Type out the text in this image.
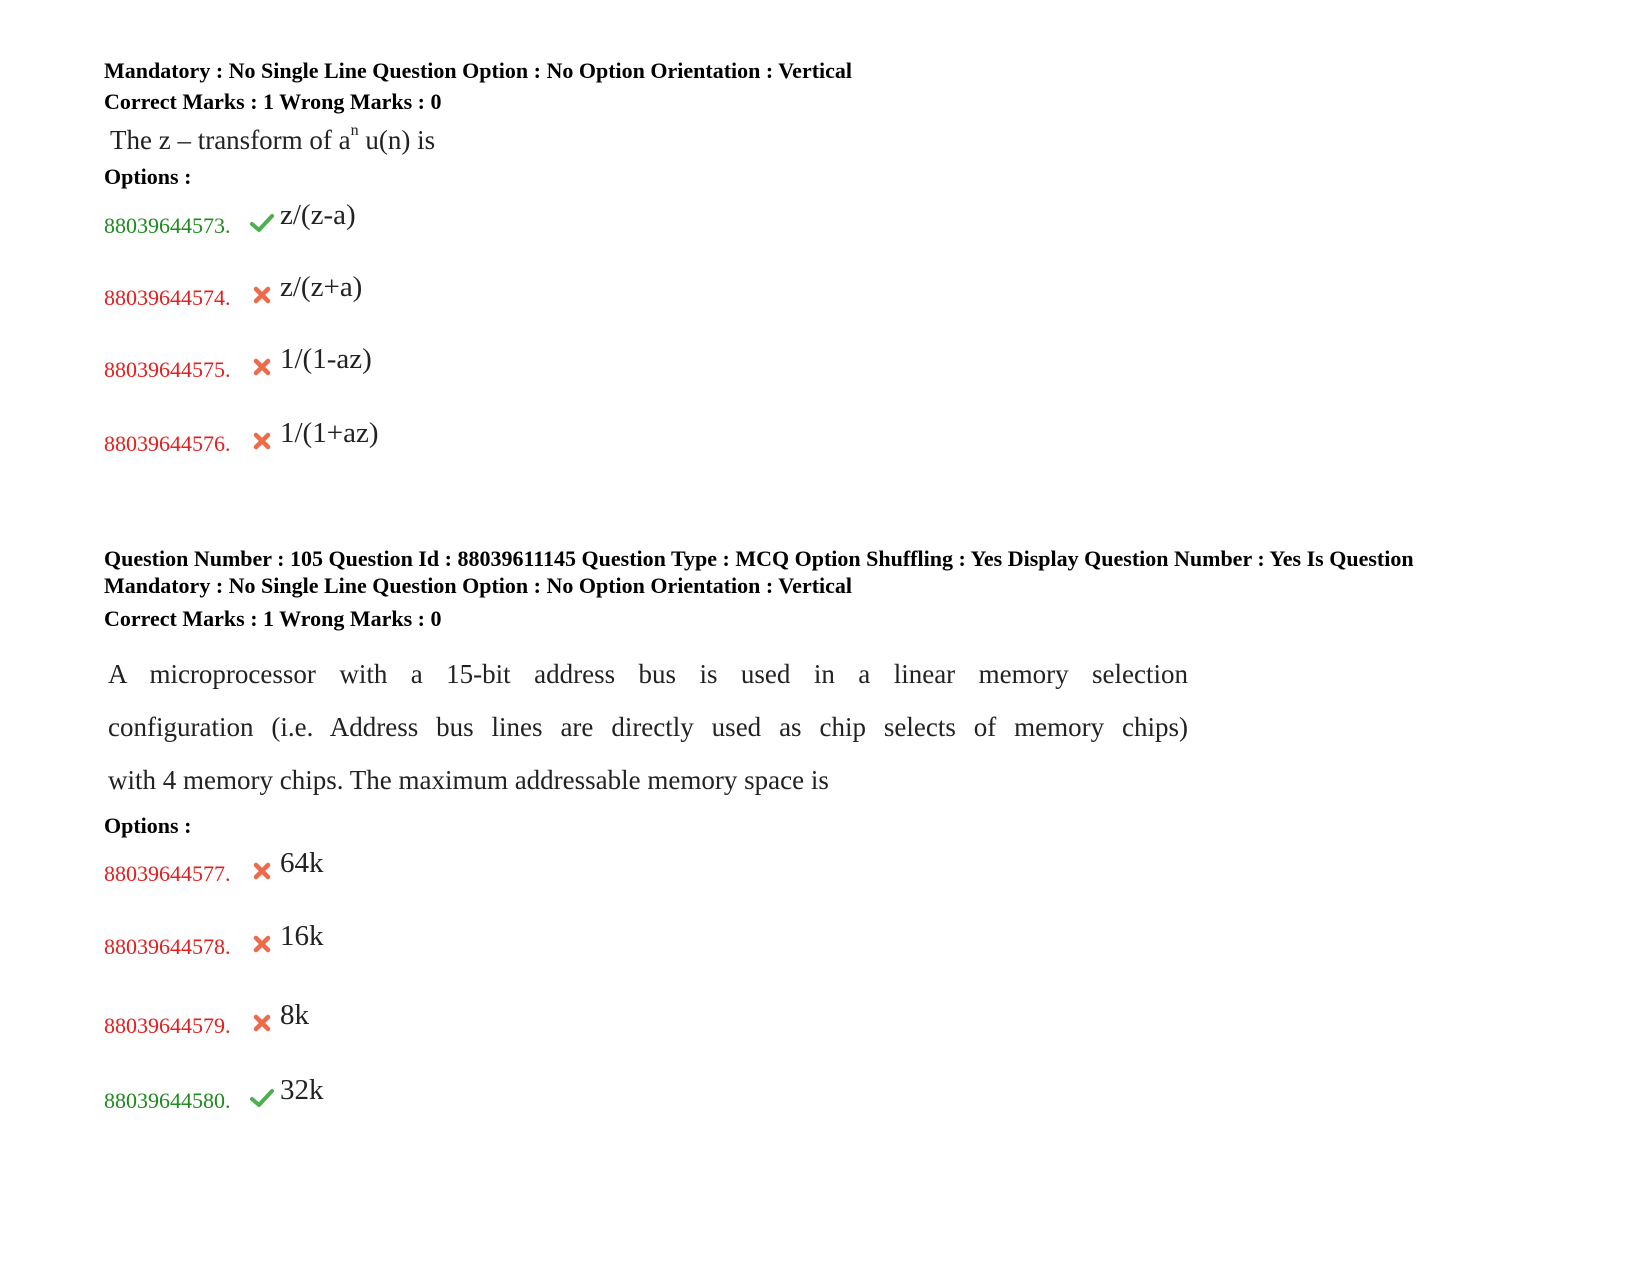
Mandatory : No Single Line Question Option : No Option Orientation : Vertical
Correct Marks : 1 Wrong Marks : 0
The z – transform of $a^n$ u(n) is
Options :
88039644573. z/(z-a)
88039644574. z/(z+a)
88039644575. 1/(1-az)
88039644576. 1/(1+az)
Question Number : 105 Question Id : 88039611145 Question Type : MCQ Option Shuffling : Yes Display Question Number : Yes Is Question
Mandatory : No Single Line Question Option : No Option Orientation : Vertical
Correct Marks : 1 Wrong Marks : 0
A microprocessor with a 15-bit address bus is used in a linear memory selection
configuration (i.e. Address bus lines are directly used as chip selects of memory chips)
with 4 memory chips. The maximum addressable memory space is
Options :
88039644577. 64k
88039644578. 16k
88039644579. 8k
88039644580. 32k
